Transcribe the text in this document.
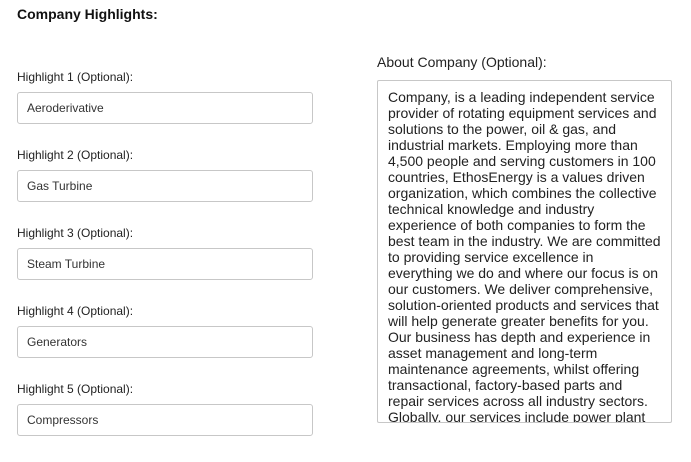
Company Highlights:
Highlight 1 (Optional):
Aeroderivative
Highlight 2 (Optional):
Gas Turbine
Highlight 3 (Optional):
Steam Turbine
Highlight 4 (Optional):
Generators
Highlight 5 (Optional):
Compressors
About Company (Optional):
Company, is a leading independent service provider of rotating equipment services and solutions to the power, oil & gas, and industrial markets. Employing more than 4,500 people and serving customers in 100 countries, EthosEnergy is a values driven organization, which combines the collective technical knowledge and industry experience of both companies to form the best team in the industry. We are committed to providing service excellence in everything we do and where our focus is on our customers. We deliver comprehensive, solution-oriented products and services that will help generate greater benefits for you. Our business has depth and experience in asset management and long-term maintenance agreements, whilst offering transactional, factory-based parts and repair services across all industry sectors. Globally, our services include power plant
